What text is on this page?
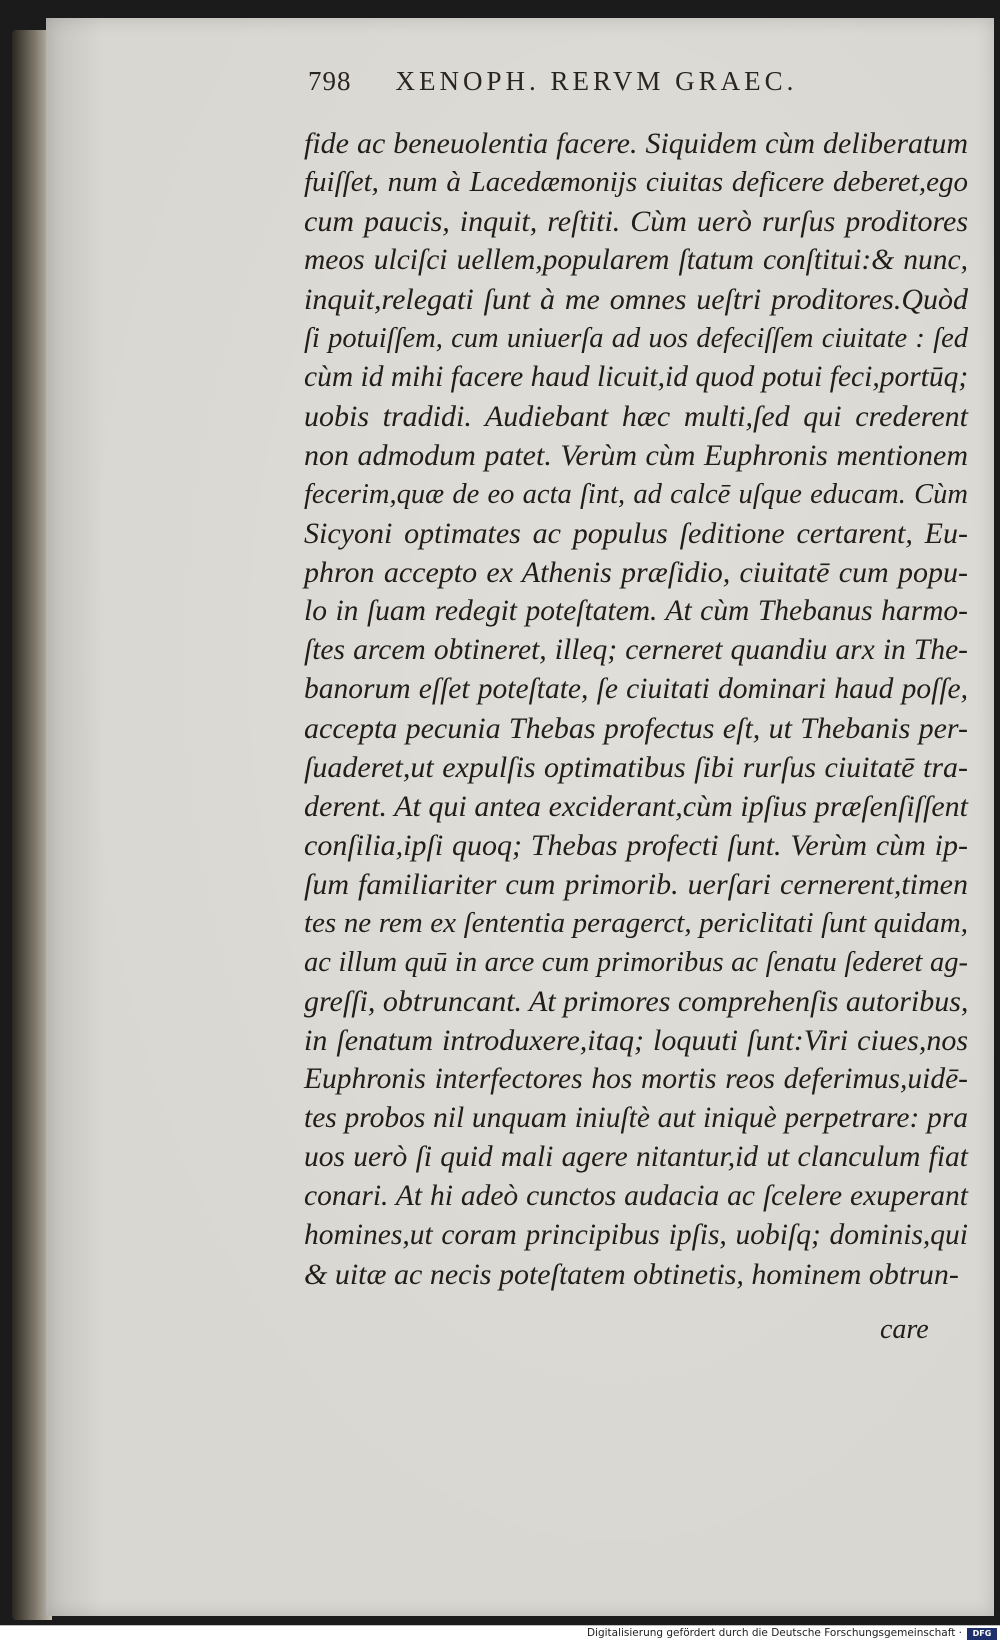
798 XENOPH. RERVM GRAEC.
fide ac beneuolentia facere. Siquidem cùm deliberatum
fuiſſet, num à Lacedæmonijs ciuitas deficere deberet,ego
cum paucis, inquit, reſtiti. Cùm uerò rurſus proditores
meos ulciſci uellem,popularem ſtatum conſtitui:& nunc,
inquit,relegati ſunt à me omnes ueſtri proditores.Quòd
ſi potuiſſem, cum uniuerſa ad uos defeciſſem ciuitate : ſed
cùm id mihi facere haud licuit,id quod potui feci,portūq;
uobis tradidi. Audiebant hæc multi,ſed qui crederent
non admodum patet. Verùm cùm Euphronis mentionem
fecerim,quæ de eo acta ſint, ad calcē uſque educam. Cùm
Sicyoni optimates ac populus ſeditione certarent, Eu-
phron accepto ex Athenis præſidio, ciuitatē cum popu-
lo in ſuam redegit poteſtatem. At cùm Thebanus harmo-
ſtes arcem obtineret, illeq; cerneret quandiu arx in The-
banorum eſſet poteſtate, ſe ciuitati dominari haud poſſe,
accepta pecunia Thebas profectus eſt, ut Thebanis per-
ſuaderet,ut expulſis optimatibus ſibi rurſus ciuitatē tra-
derent. At qui antea exciderant,cùm ipſius præſenſiſſent
conſilia,ipſi quoq; Thebas profecti ſunt. Verùm cùm ip-
ſum familiariter cum primorib. uerſari cernerent,timen
tes ne rem ex ſententia peragerct, periclitati ſunt quidam,
ac illum quū in arce cum primoribus ac ſenatu ſederet ag-
greſſi, obtruncant. At primores comprehenſis autoribus,
in ſenatum introduxere,itaq; loquuti ſunt:Viri ciues,nos
Euphronis interfectores hos mortis reos deferimus,uidē-
tes probos nil unquam iniuſtè aut iniquè perpetrare: pra
uos uerò ſi quid mali agere nitantur,id ut clanculum fiat
conari. At hi adeò cunctos audacia ac ſcelere exuperant
homines,ut coram principibus ipſis, uobiſq; dominis,qui
& uitæ ac necis poteſtatem obtinetis, hominem obtrun-
care
Digitalisierung gefördert durch die Deutsche Forschungsgemeinschaft ·	DFG
